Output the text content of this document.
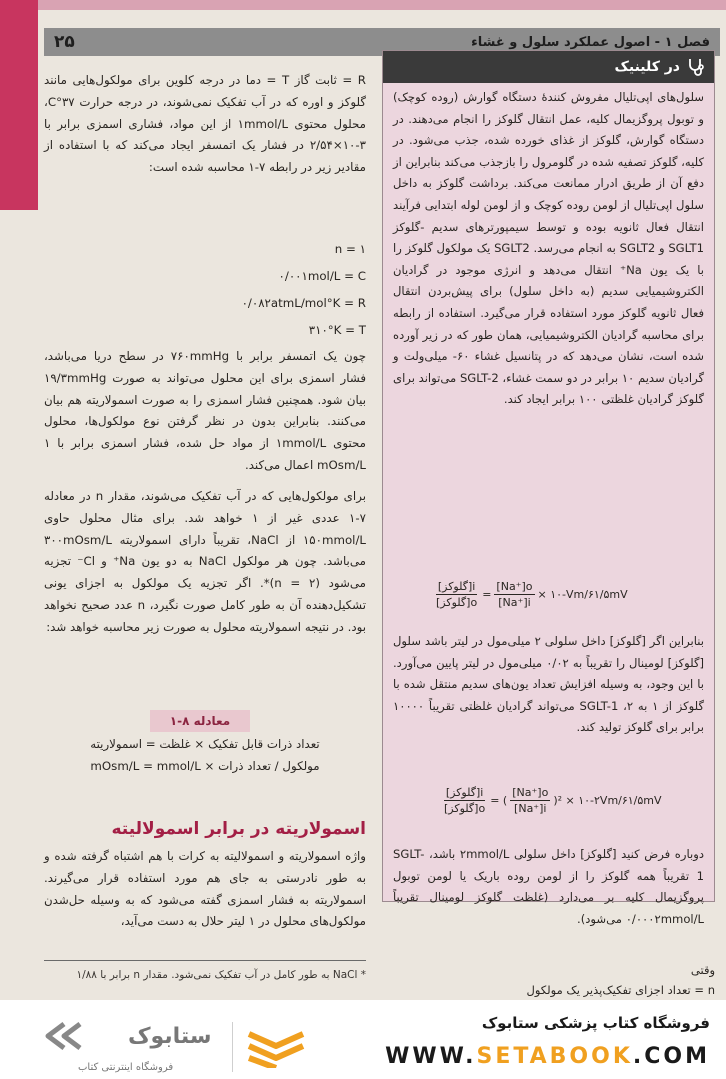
فصل ۱ - اصول عملکرد سلول و غشاء
۲۵
R = ثابت گاز T = دما در درجه کلوین برای مولکول‌هایی مانند گلوکز و اوره که در آب تفکیک نمی‌شوند، در درجه حرارت ۳۷°C، محلول محتوی ۱mmol/L از این مواد، فشاری اسمزی برابر با ۳-۱۰×۲/۵۴ در فشار یک اتمسفر ایجاد می‌کند که با استفاده از مقادیر زیر در رابطه ۷-۱ محاسبه شده است:
۱ = n
۰/۰۰۱mol/L = C
۰/۰۸۲atmL/mol°K = R
۳۱۰°K = T
چون یک اتمسفر برابر با ۷۶۰mmHg در سطح دریا می‌باشد، فشار اسمزی برای این محلول می‌تواند به صورت ۱۹/۳mmHg بیان شود. همچنین فشار اسمزی را به صورت اسمولاریته هم بیان می‌کنند. بنابراین بدون در نظر گرفتن نوع مولکول‌ها، محلول محتوی ۱mmol/L از مواد حل شده، فشار اسمزی برابر با ۱ mOsm/L اعمال می‌کند.
برای مولکول‌هایی که در آب تفکیک می‌شوند، مقدار n در معادله ۷-۱ عددی غیر از ۱ خواهد شد. برای مثال محلول حاوی ۱۵۰mmol/L از NaCl، تقریباً دارای اسمولاریته ۳۰۰mOsm/L می‌باشد. چون هر مولکول NaCl به دو یون Na⁺ و Cl⁻ تجزیه می‌شود (n = ۲)*. اگر تجزیه یک مولکول به اجزای یونی تشکیل‌دهنده آن به طور کامل صورت نگیرد، n عدد صحیح نخواهد بود. در نتیجه اسمولاریته محلول به صورت زیر محاسبه خواهد شد:
معادله ۸-۱
تعداد ذرات قابل تفکیک × غلظت = اسمولاریته
مولکول / تعداد ذرات × mOsm/L = mmol/L
اسمولاریته در برابر اسمولالیته
واژه اسمولاریته و اسمولالیته به کرات با هم اشتباه گرفته شده و به طور نادرستی به جای هم مورد استفاده قرار می‌گیرند. اسمولاریته به فشار اسمزی گفته می‌شود که به وسیله حل‌شدن مولکول‌های محلول در ۱ لیتر حلال به دست می‌آید،
* NaCl به طور کامل در آب تفکیک نمی‌شود. مقدار n برابر با ۱/۸۸
در کلینیک
سلول‌های اپی‌تلیال مفروش کنندهٔ دستگاه گوارش (روده کوچک) و توبول پروگزیمال کلیه، عمل انتقال گلوکز را انجام می‌دهند. در دستگاه گوارش، گلوکز از غذای خورده شده، جذب می‌شود. در کلیه، گلوکز تصفیه شده در گلومرول را بازجذب می‌کند بنابراین از دفع آن از طریق ادرار ممانعت می‌کند. برداشت گلوکز به داخل سلول اپی‌تلیال از لومن روده کوچک و از لومن لوله ابتدایی فرآیند انتقال فعال ثانویه بوده و توسط سیمپورترهای سدیم -گلوکز SGLT1 و SGLT2 به انجام می‌رسد. SGLT2 یک مولکول گلوکز را با یک یون Na⁺ انتقال می‌دهد و انرژی موجود در گرادیان الکتروشیمیایی سدیم (به داخل سلول) برای پیش‌بردن انتقال فعال ثانویه گلوکز مورد استفاده قرار می‌گیرد. استفاده از رابطه برای محاسبه گرادیان الکتروشیمیایی، همان طور که در زیر آورده شده است، نشان می‌دهد که در پتانسیل غشاء ۶۰- میلی‌ولت و گرادیان سدیم ۱۰ برابر در دو سمت غشاء، SGLT-2 می‌تواند برای گلوکز گرادیان غلظتی ۱۰۰ برابر ایجاد کند.
$\frac{\text{[گلوکز]i}}{\text{[گلوکز]o}} = \frac{[Na^+]o}{[Na^+]i}$ × ۱۰-Vm/۶۱/۵mV
بنابراین اگر [گلوکز] داخل سلولی ۲ میلی‌مول در لیتر باشد سلول [گلوکز] لومینال را تقریباً به ۰/۰۲ میلی‌مول در لیتر پایین می‌آورد. با این وجود، به وسیله افزایش تعداد یون‌های سدیم منتقل شده با گلوکز از ۱ به ۲، SGLT-1 می‌تواند گرادیان غلظتی تقریباً ۱۰۰۰۰ برابر برای گلوکز تولید کند.
$\frac{\text{[گلوکز]i}}{\text{[گلوکز]o}}$ = ( $\frac{[Na^+]o}{[Na^+]i} )^2$ × ۱۰-۲Vm/۶۱/۵mV
دوباره فرض کنید [گلوکز] داخل سلولی ۲mmol/L باشد، SGLT-1 تقریباً همه گلوکز را از لومن روده باریک یا لومن توبول پروگزیمال کلیه بر می‌دارد (غلظت گلوکز لومینال تقریباً ۰/۰۰۰۲mmol/L می‌شود).
وقتی
n = تعداد اجزای تفکیک‌پذیر یک مولکول
فروشگاه کتاب پزشکی ستابوک
WWW.SETABOOK.COM
ستابوک
فروشگاه اینترنتی کتاب
